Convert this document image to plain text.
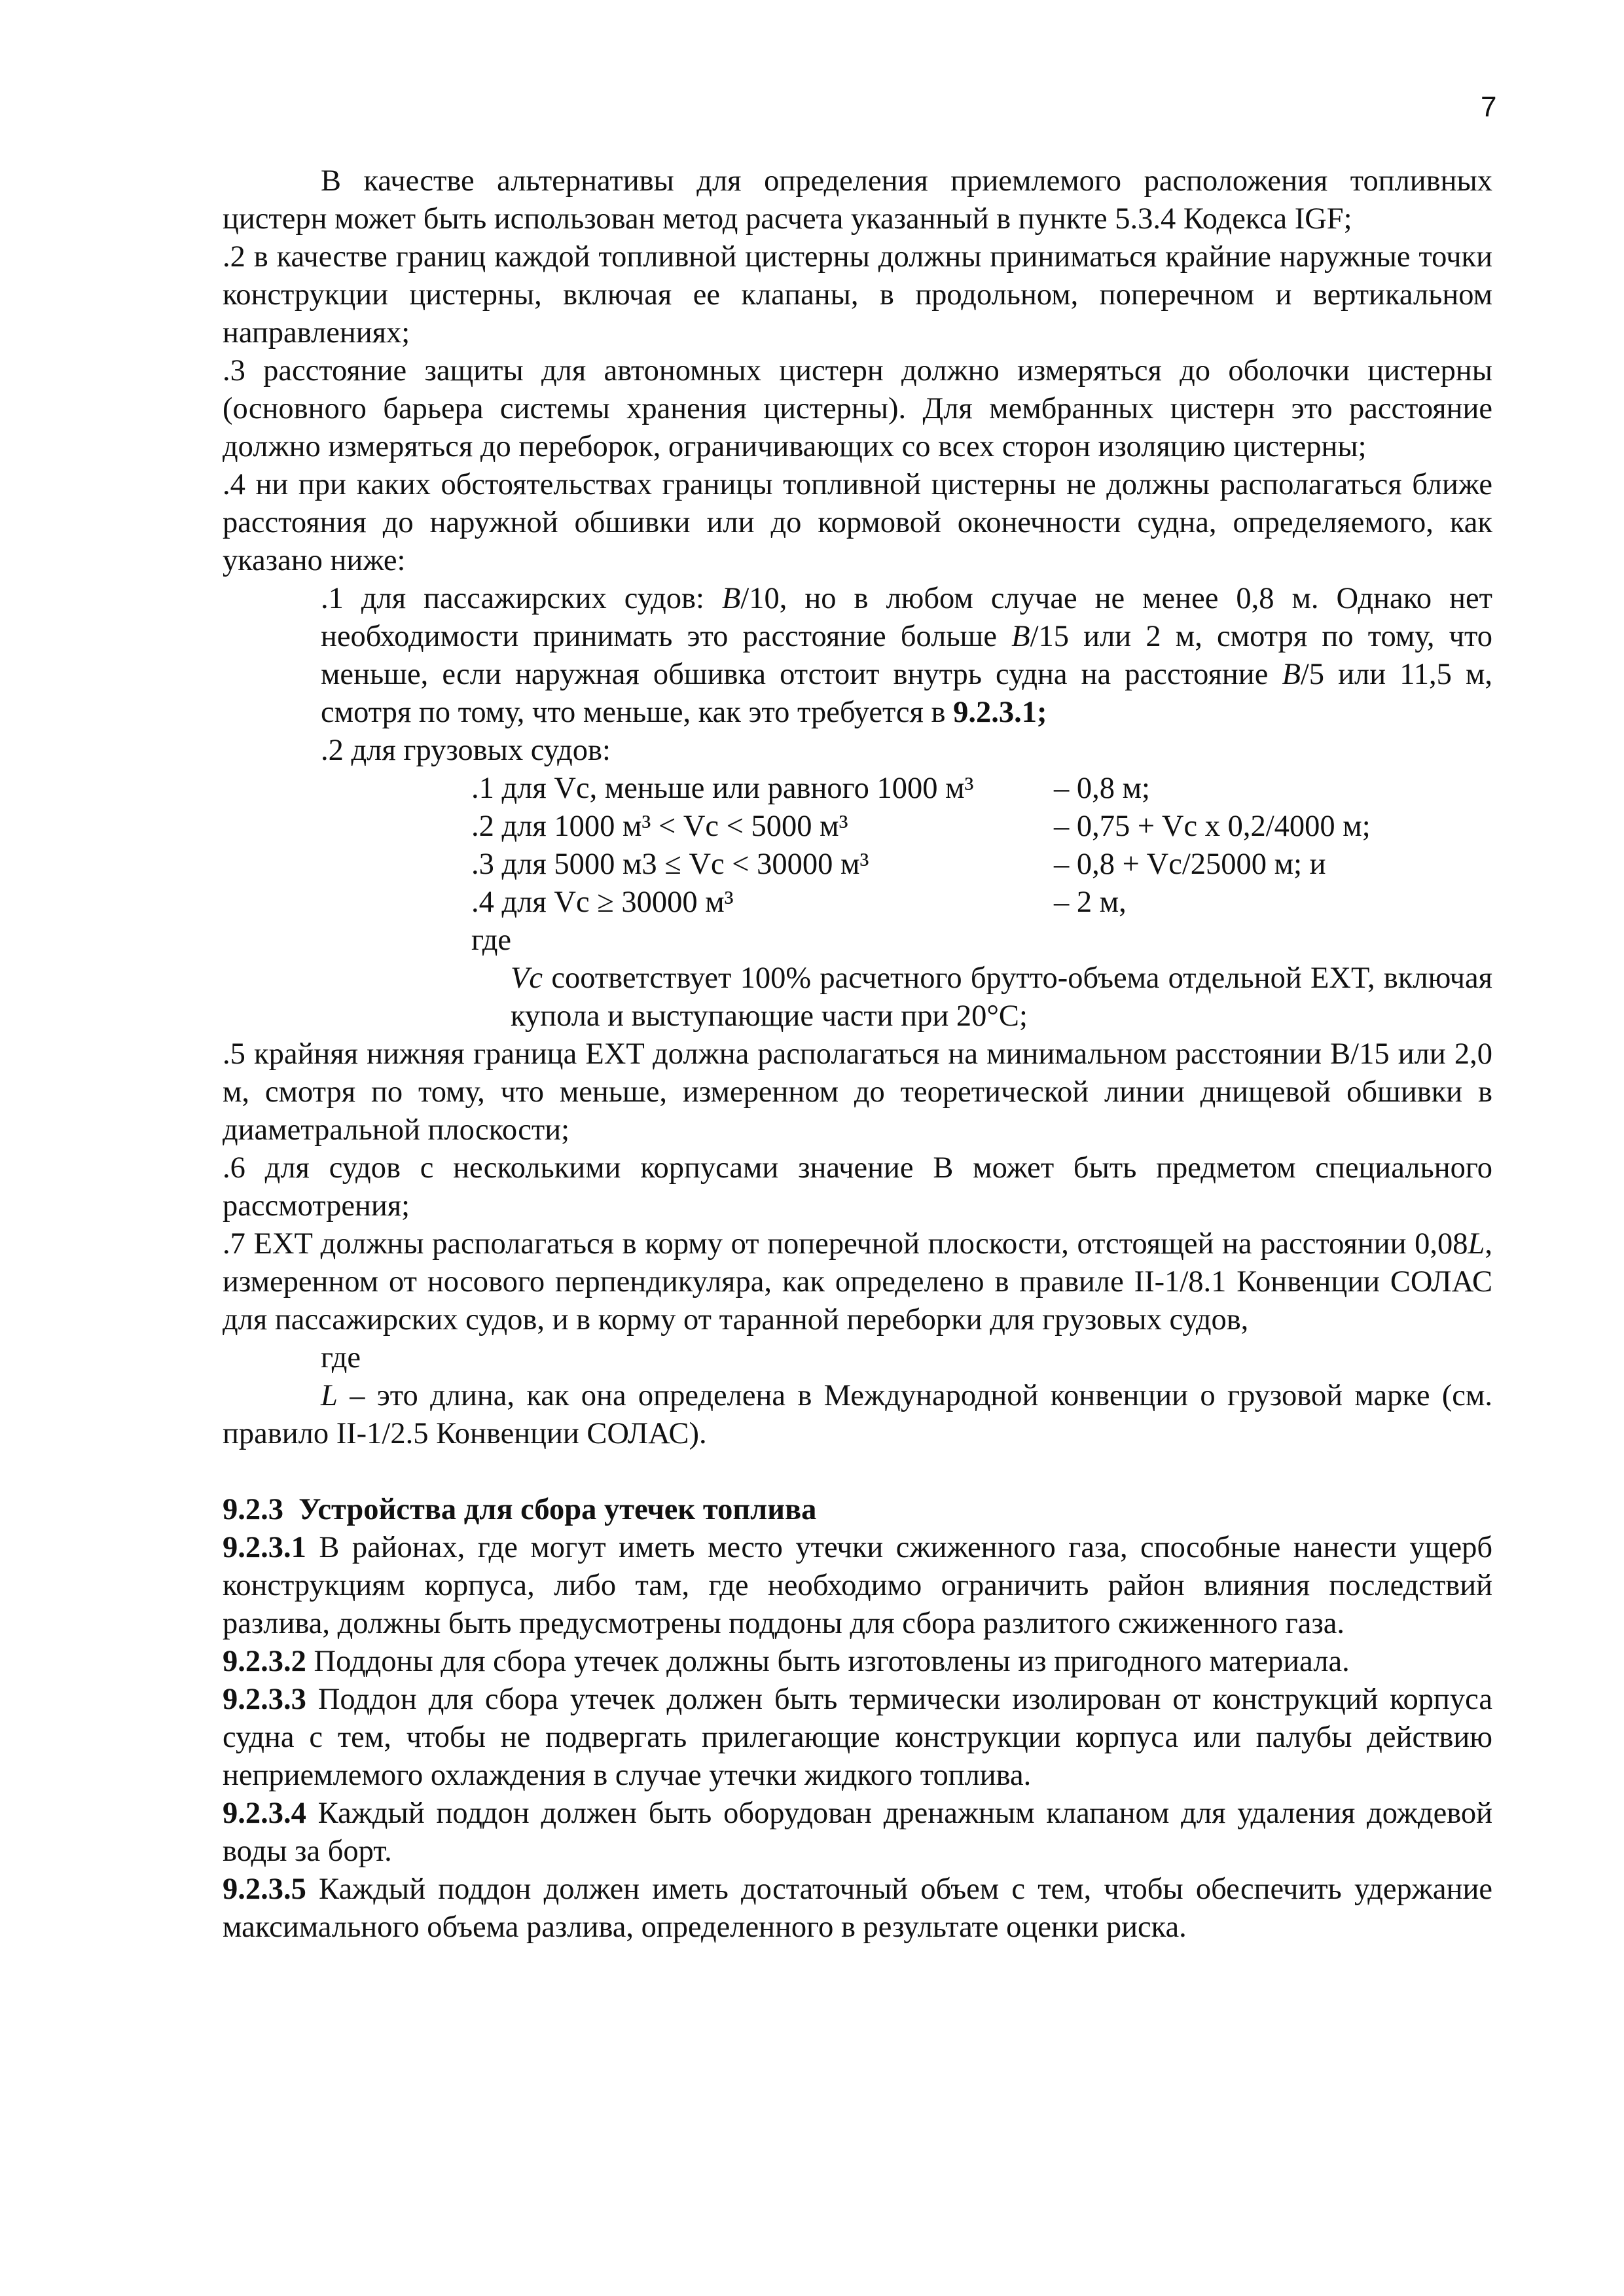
7

В качестве альтернативы для определения приемлемого расположения топливных цистерн может быть использован метод расчета указанный в пункте 5.3.4 Кодекса IGF;

.2 в качестве границ каждой топливной цистерны должны приниматься крайние наружные точки конструкции цистерны, включая ее клапаны, в продольном, поперечном и вертикальном направлениях;

.3 расстояние защиты для автономных цистерн должно измеряться до оболочки цистерны (основного барьера системы хранения цистерны). Для мембранных цистерн это расстояние должно измеряться до переборок, ограничивающих со всех сторон изоляцию цистерны;

.4 ни при каких обстоятельствах границы топливной цистерны не должны располагаться ближе расстояния до наружной обшивки или до кормовой оконечности судна, определяемого, как указано ниже:

.1 для пассажирских судов: B/10, но в любом случае не менее 0,8 м. Однако нет необходимости принимать это расстояние больше B/15 или 2 м, смотря по тому, что меньше, если наружная обшивка отстоит внутрь судна на расстояние B/5 или 11,5 м, смотря по тому, что меньше, как это требуется в 9.2.3.1;

.2 для грузовых судов:

.1 для Vc, меньше или равного 1000 м³	– 0,8 м;
.2 для 1000 м³ < Vc < 5000 м³	– 0,75 + Vc x 0,2/4000 м;
.3 для 5000 м3 ≤ Vc < 30000 м³	– 0,8 + Vc/25000 м; и
.4 для Vc ≥ 30000 м³	– 2 м,

где

Vc соответствует 100% расчетного брутто-объема отдельной EXT, включая купола и выступающие части при 20°С;

.5 крайняя нижняя граница EXT должна располагаться на минимальном расстоянии B/15 или 2,0 м, смотря по тому, что меньше, измеренном до теоретической линии днищевой обшивки в диаметральной плоскости;

.6 для судов с несколькими корпусами значение B может быть предметом специального рассмотрения;

.7 EXT должны располагаться в корму от поперечной плоскости, отстоящей на расстоянии 0,08L, измеренном от носового перпендикуляра, как определено в правиле II-1/8.1 Конвенции СОЛАС для пассажирских судов, и в корму от таранной переборки для грузовых судов,

где

L – это длина, как она определена в Международной конвенции о грузовой марке (см. правило II-1/2.5 Конвенции СОЛАС).

9.2.3 Устройства для сбора утечек топлива

9.2.3.1 В районах, где могут иметь место утечки сжиженного газа, способные нанести ущерб конструкциям корпуса, либо там, где необходимо ограничить район влияния последствий разлива, должны быть предусмотрены поддоны для сбора разлитого сжиженного газа.

9.2.3.2 Поддоны для сбора утечек должны быть изготовлены из пригодного материала.

9.2.3.3 Поддон для сбора утечек должен быть термически изолирован от конструкций корпуса судна с тем, чтобы не подвергать прилегающие конструкции корпуса или палубы действию неприемлемого охлаждения в случае утечки жидкого топлива.

9.2.3.4 Каждый поддон должен быть оборудован дренажным клапаном для удаления дождевой воды за борт.

9.2.3.5 Каждый поддон должен иметь достаточный объем с тем, чтобы обеспечить удержание максимального объема разлива, определенного в результате оценки риска.
